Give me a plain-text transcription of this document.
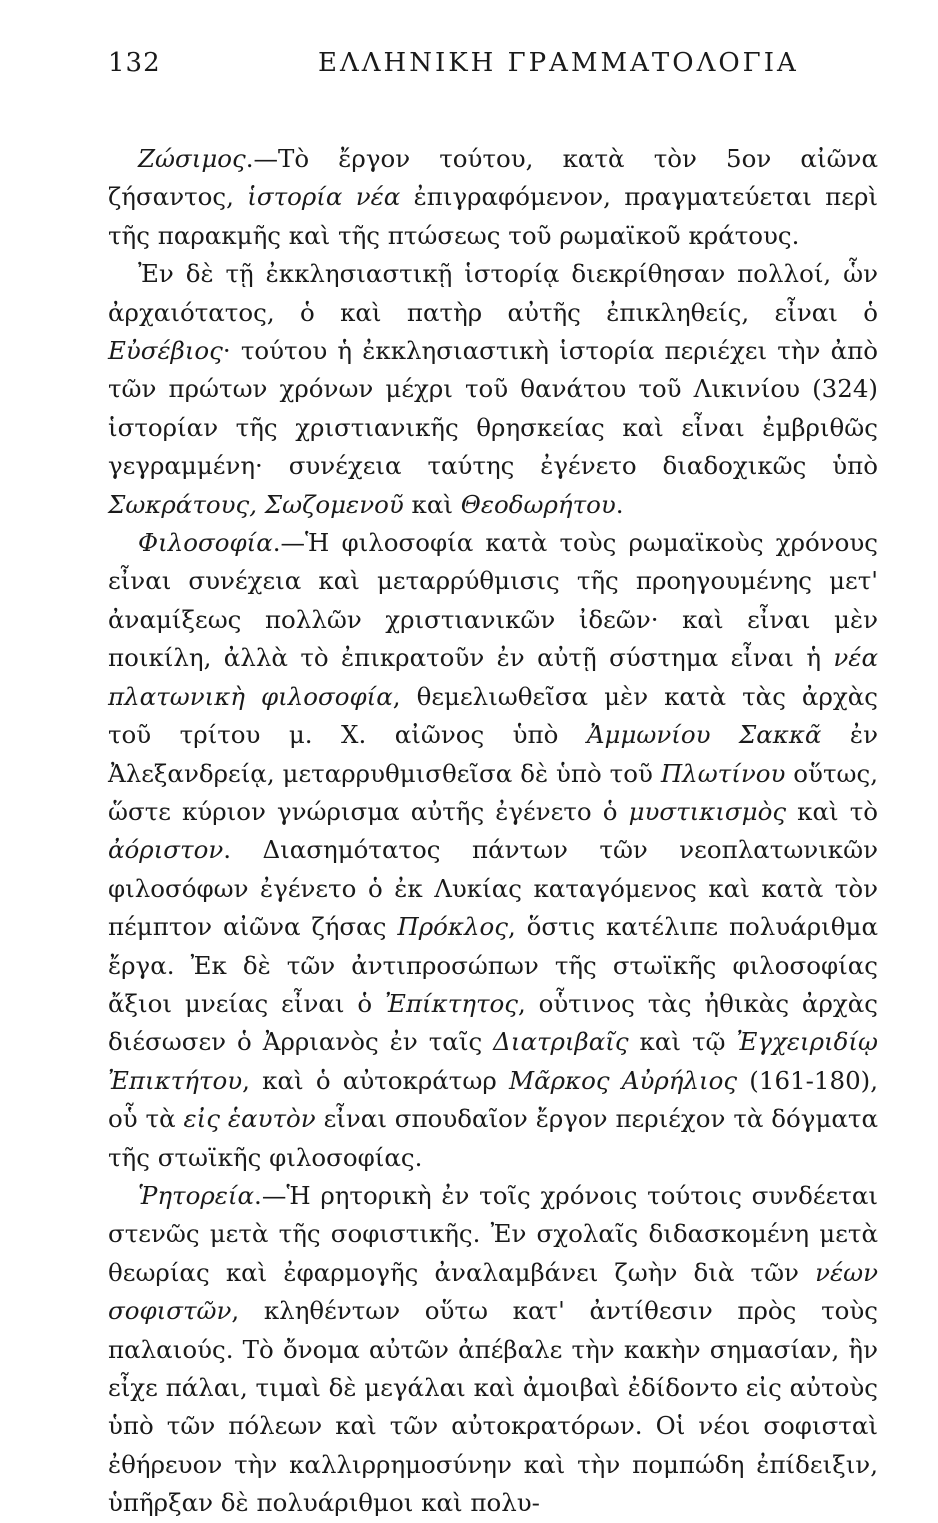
132	ΕΛΛΗΝΙΚΗ ΓΡΑΜΜΑΤΟΛΟΓΙΑ

Ζώσιμος.—Τὸ ἔργον τούτου, κατὰ τὸν 5ον αἰῶνα ζήσαντος, ἱστορία νέα ἐπιγραφόμενον, πραγματεύεται περὶ τῆς παρακμῆς καὶ τῆς πτώσεως τοῦ ρωμαϊκοῦ κράτους.

Ἐν δὲ τῇ ἐκκλησιαστικῇ ἱστορίᾳ διεκρίθησαν πολλοί, ὧν ἀρχαιότατος, ὁ καὶ πατὴρ αὐτῆς ἐπικληθείς, εἶναι ὁ Εὐσέβιος· τούτου ἡ ἐκκλησιαστικὴ ἱστορία περιέχει τὴν ἀπὸ τῶν πρώτων χρόνων μέχρι τοῦ θανάτου τοῦ Λικινίου (324) ἱστορίαν τῆς χριστιανικῆς θρησκείας καὶ εἶναι ἐμβριθῶς γεγραμμένη· συνέχεια ταύτης ἐγένετο διαδοχικῶς ὑπὸ Σωκράτους, Σωζομενοῦ καὶ Θεοδωρήτου.

Φιλοσοφία.—Ἡ φιλοσοφία κατὰ τοὺς ρωμαϊκοὺς χρόνους εἶναι συνέχεια καὶ μεταρρύθμισις τῆς προηγουμένης μετ' ἀναμίξεως πολλῶν χριστιανικῶν ἰδεῶν· καὶ εἶναι μὲν ποικίλη, ἀλλὰ τὸ ἐπικρατοῦν ἐν αὐτῇ σύστημα εἶναι ἡ νέα πλατωνικὴ φιλοσοφία, θεμελιωθεῖσα μὲν κατὰ τὰς ἀρχὰς τοῦ τρίτου μ. Χ. αἰῶνος ὑπὸ Ἀμμωνίου Σακκᾶ ἐν Ἀλεξανδρείᾳ, μεταρρυθμισθεῖσα δὲ ὑπὸ τοῦ Πλωτίνου οὕτως, ὥστε κύριον γνώρισμα αὐτῆς ἐγένετο ὁ μυστικισμὸς καὶ τὸ ἀόριστον. Διασημότατος πάντων τῶν νεοπλατωνικῶν φιλοσόφων ἐγένετο ὁ ἐκ Λυκίας καταγόμενος καὶ κατὰ τὸν πέμπτον αἰῶνα ζήσας Πρόκλος, ὅστις κατέλιπε πολυάριθμα ἔργα. Ἐκ δὲ τῶν ἀντιπροσώπων τῆς στωϊκῆς φιλοσοφίας ἄξιοι μνείας εἶναι ὁ Ἐπίκτητος, οὗτινος τὰς ἠθικὰς ἀρχὰς διέσωσεν ὁ Ἀρριανὸς ἐν ταῖς Διατριβαῖς καὶ τῷ Ἐγχειριδίῳ Ἐπικτήτου, καὶ ὁ αὐτοκράτωρ Μᾶρκος Αὐρήλιος (161-180), οὗ τὰ εἰς ἑαυτὸν εἶναι σπουδαῖον ἔργον περιέχον τὰ δόγματα τῆς στωϊκῆς φιλοσοφίας.

Ῥητορεία.—Ἡ ρητορικὴ ἐν τοῖς χρόνοις τούτοις συνδέεται στενῶς μετὰ τῆς σοφιστικῆς. Ἐν σχολαῖς διδασκομένη μετὰ θεωρίας καὶ ἐφαρμογῆς ἀναλαμβάνει ζωὴν διὰ τῶν νέων σοφιστῶν, κληθέντων οὕτω κατ' ἀντίθεσιν πρὸς τοὺς παλαιούς. Τὸ ὄνομα αὐτῶν ἀπέβαλε τὴν κακὴν σημασίαν, ἣν εἶχε πάλαι, τιμαὶ δὲ μεγάλαι καὶ ἀμοιβαὶ ἐδίδοντο εἰς αὐτοὺς ὑπὸ τῶν πόλεων καὶ τῶν αὐτοκρατόρων. Οἱ νέοι σοφισταὶ ἐθήρευον τὴν καλλιρρημοσύνην καὶ τὴν πομπώδη ἐπίδειξιν, ὑπῆρξαν δὲ πολυάριθμοι καὶ πολυ-
